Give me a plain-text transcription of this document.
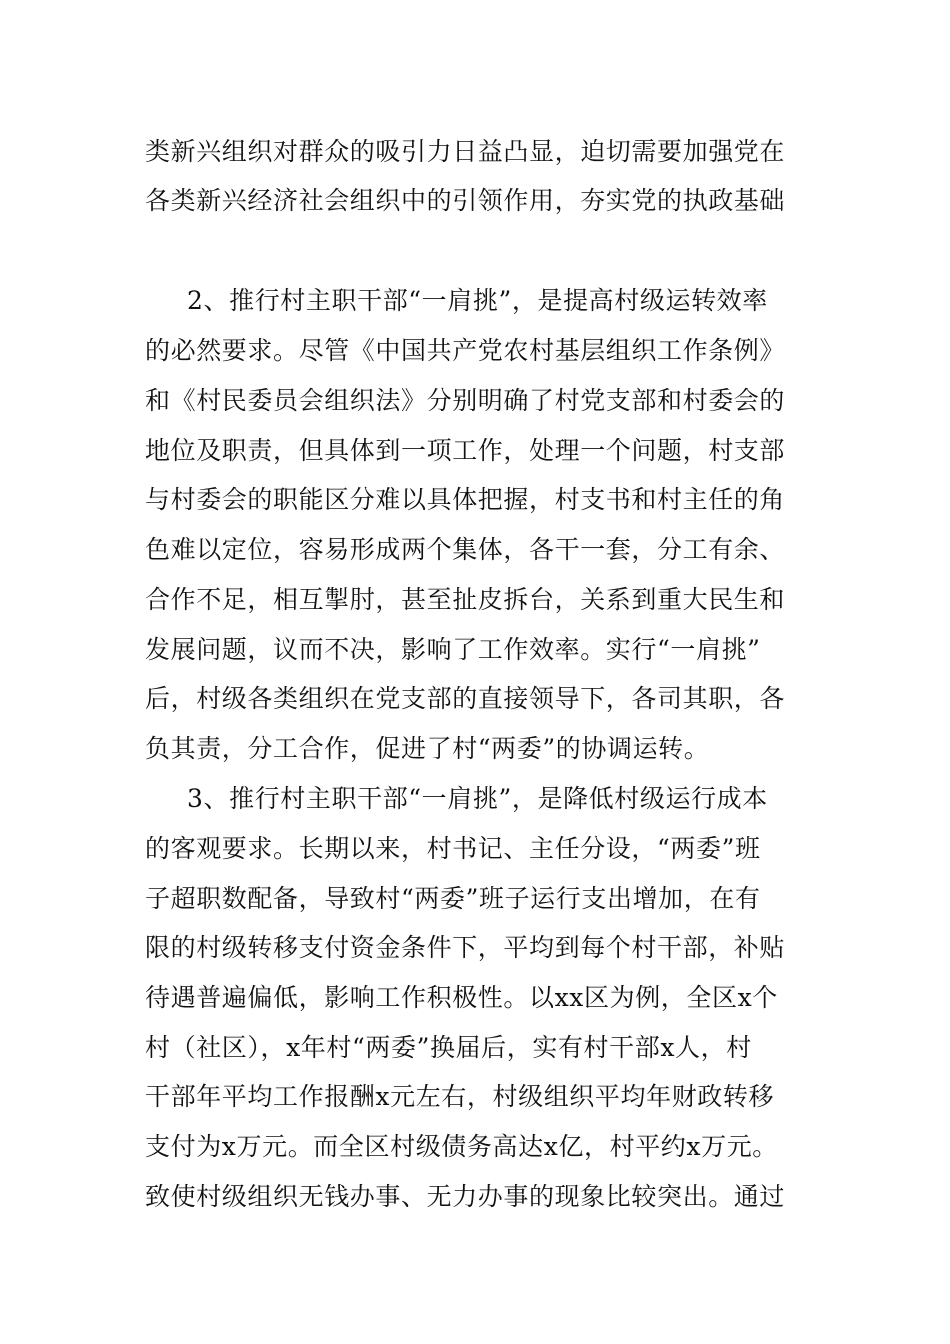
类新兴组织对群众的吸引力日益凸显，迫切需要加强党在
各类新兴经济社会组织中的引领作用，夯实党的执政基础
2、推行村主职干部“一肩挑”，是提高村级运转效率
的必然要求。尽管《中国共产党农村基层组织工作条例》
和《村民委员会组织法》分别明确了村党支部和村委会的
地位及职责，但具体到一项工作，处理一个问题，村支部
与村委会的职能区分难以具体把握，村支书和村主任的角
色难以定位，容易形成两个集体，各干一套，分工有余、
合作不足，相互掣肘，甚至扯皮拆台，关系到重大民生和
发展问题，议而不决，影响了工作效率。实行“一肩挑”
后，村级各类组织在党支部的直接领导下，各司其职，各
负其责，分工合作，促进了村“两委”的协调运转。
3、推行村主职干部“一肩挑”，是降低村级运行成本
的客观要求。长期以来，村书记、主任分设，“两委”班
子超职数配备，导致村“两委”班子运行支出增加，在有
限的村级转移支付资金条件下，平均到每个村干部，补贴
待遇普遍偏低，影响工作积极性。以xx区为例，全区x个
村（社区），x年村“两委”换届后，实有村干部x人，村
干部年平均工作报酬x元左右，村级组织平均年财政转移
支付为x万元。而全区村级债务高达x亿，村平约x万元。
致使村级组织无钱办事、无力办事的现象比较突出。通过
